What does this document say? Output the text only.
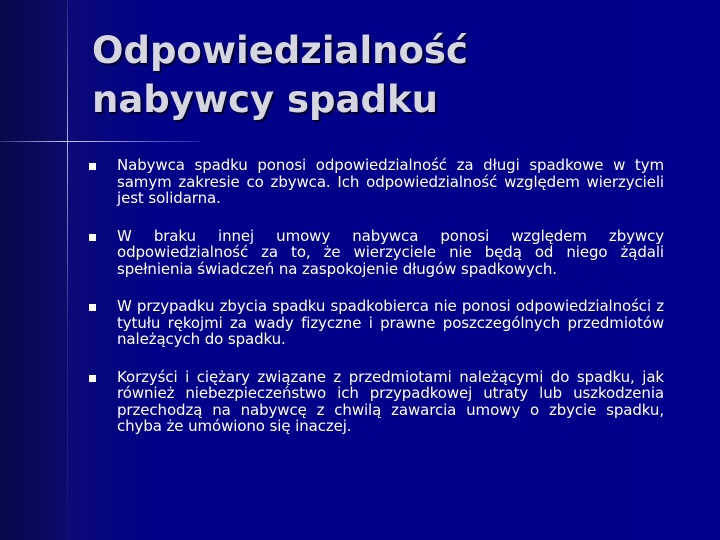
Odpowiedzialność
nabywcy spadku
Nabywca spadku ponosi odpowiedzialność za długi spadkowe w tym samym zakresie co zbywca. Ich odpowiedzialność względem wierzycieli jest solidarna.
W braku innej umowy nabywca ponosi względem zbywcy odpowiedzialność za to, że wierzyciele nie będą od niego żądali spełnienia świadczeń na zaspokojenie długów spadkowych.
W przypadku zbycia spadku spadkobierca nie ponosi odpowiedzialności z tytułu rękojmi za wady fizyczne i prawne poszczególnych przedmiotów należących do spadku.
Korzyści i ciężary związane z przedmiotami należącymi do spadku, jak również niebezpieczeństwo ich przypadkowej utraty lub uszkodzenia przechodzą na nabywcę z chwilą zawarcia umowy o zbycie spadku, chyba że umówiono się inaczej.
